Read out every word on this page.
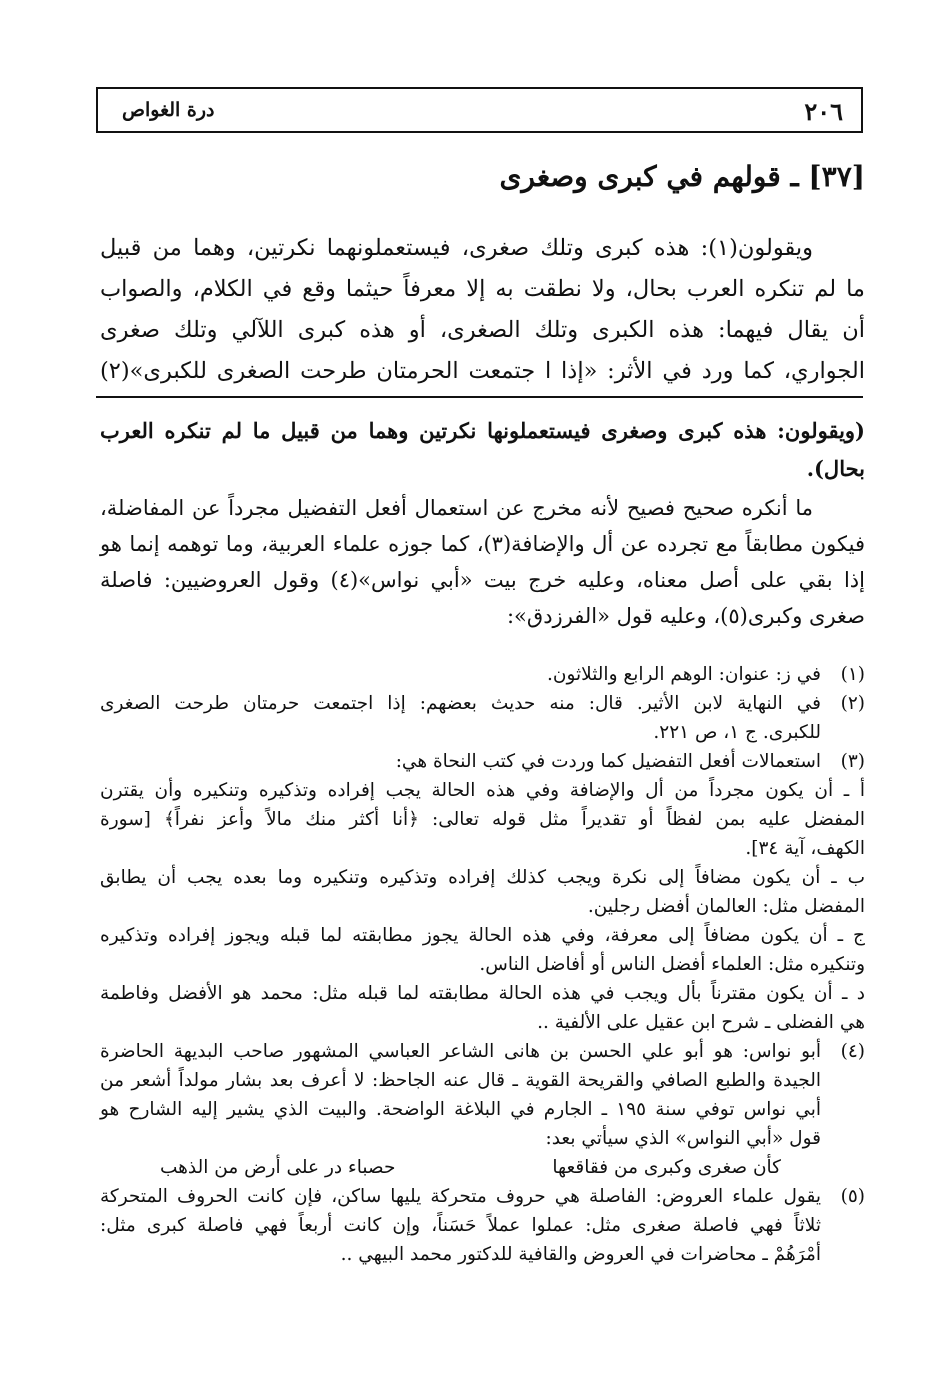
٢٠٦
درة الغواص
[٣٧] ـ قولهم في كبرى وصغرى
ويقولون(١): هذه كبرى وتلك صغرى، فيستعملونهما نكرتين، وهما من قبيل
ما لم تنكره العرب بحال، ولا نطقت به إلا معرفاً حيثما وقع في الكلام، والصواب
أن يقال فيهما: هذه الكبرى وتلك الصغرى، أو هذه كبرى اللآلي وتلك صغرى
الجواري، كما ورد في الأثر: «إذا ا جتمعت الحرمتان طرحت الصغرى للكبرى»(٢)
(ويقولون: هذه كبرى وصغرى فيستعملونها نكرتين وهما من قبيل ما لم تنكره العرب
بحال).
ما أنكره صحيح فصيح لأنه مخرج عن استعمال أفعل التفضيل مجرداً عن المفاضلة،
فيكون مطابقاً مع تجرده عن أل والإضافة(٣)، كما جوزه علماء العربية، وما توهمه إنما هو
إذا بقي على أصل معناه، وعليه خرج بيت «أبي نواس»(٤) وقول العروضيين: فاصلة
صغرى وكبرى(٥)، وعليه قول «الفرزدق»:
(١)
في ز: عنوان: الوهم الرابع والثلاثون.
(٢)
في النهاية لابن الأثير. قال: منه حديث بعضهم: إذا اجتمعت حرمتان طرحت الصغرى
للكبرى. ج ١، ص ٢٢١.
(٣)
استعمالات أفعل التفضيل كما وردت في كتب النحاة هي:
أ ـ أن يكون مجرداً من أل والإضافة وفي هذه الحالة يجب إفراده وتذكيره وتنكيره وأن يقترن
المفضل عليه بمن لفظاً أو تقديراً مثل قوله تعالى: ﴿أنا أكثر منك مالاً وأعز نفراً﴾ [سورة
الكهف، آية ٣٤].
ب ـ أن يكون مضافاً إلى نكرة ويجب كذلك إفراده وتذكيره وتنكيره وما بعده يجب أن يطابق
المفضل مثل: العالمان أفضل رجلين.
ج ـ أن يكون مضافاً إلى معرفة، وفي هذه الحالة يجوز مطابقته لما قبله ويجوز إفراده وتذكيره
وتنكيره مثل: العلماء أفضل الناس أو أفاضل الناس.
د ـ أن يكون مقترناً بأل ويجب في هذه الحالة مطابقته لما قبله مثل: محمد هو الأفضل وفاطمة
هي الفضلى ـ شرح ابن عقيل على الألفية ..
(٤)
أبو نواس: هو أبو علي الحسن بن هانى الشاعر العباسي المشهور صاحب البديهة الحاضرة
الجيدة والطبع الصافي والقريحة القوية ـ قال عنه الجاحظ: لا أعرف بعد بشار مولداً أشعر من
أبي نواس توفي سنة ١٩٥ ـ الجارم في البلاغة الواضحة. والبيت الذي يشير إليه الشارح هو
قول «أبي النواس» الذي سيأتي بعد:
كأن صغرى وكبرى من فقاقعها
حصباء در على أرض من الذهب
(٥)
يقول علماء العروض: الفاصلة هي حروف متحركة يليها ساكن، فإن كانت الحروف المتحركة
ثلاثاً فهي فاصلة صغرى مثل: عملوا عملاً حَسَناً، وإن كانت أربعاً فهي فاصلة كبرى مثل:
أمْرَهُمْ ـ محاضرات في العروض والقافية للدكتور محمد البيهي ..
